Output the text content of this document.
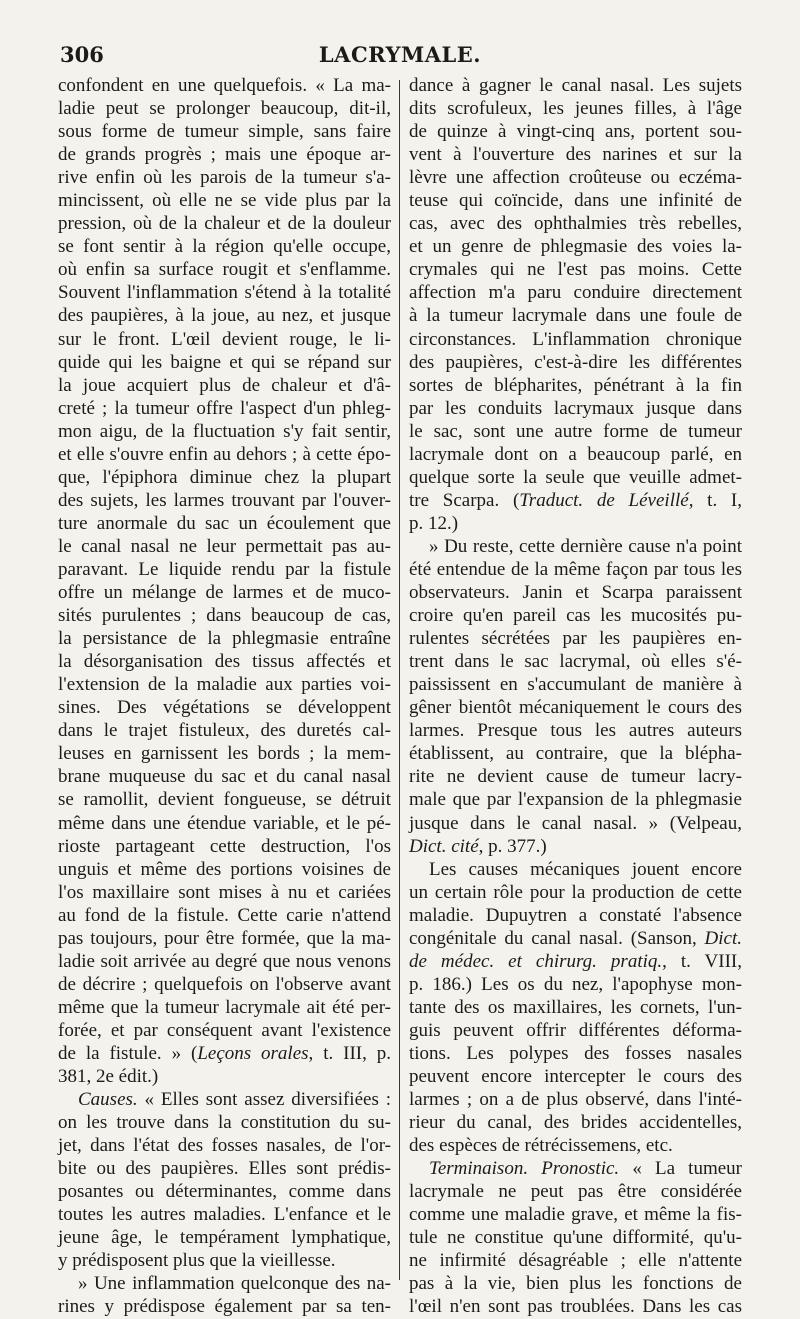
306	LACRYMALE.
confondent en une quelquefois. « La ma-
ladie peut se prolonger beaucoup, dit-il,
sous forme de tumeur simple, sans faire
de grands progrès ; mais une époque ar-
rive enfin où les parois de la tumeur s'a-
mincissent, où elle ne se vide plus par la
pression, où de la chaleur et de la douleur
se font sentir à la région qu'elle occupe,
où enfin sa surface rougit et s'enflamme.
Souvent l'inflammation s'étend à la totalité
des paupières, à la joue, au nez, et jusque
sur le front. L'œil devient rouge, le li-
quide qui les baigne et qui se répand sur
la joue acquiert plus de chaleur et d'â-
creté ; la tumeur offre l'aspect d'un phleg-
mon aigu, de la fluctuation s'y fait sentir,
et elle s'ouvre enfin au dehors ; à cette épo-
que, l'épiphora diminue chez la plupart
des sujets, les larmes trouvant par l'ouver-
ture anormale du sac un écoulement que
le canal nasal ne leur permettait pas au-
paravant. Le liquide rendu par la fistule
offre un mélange de larmes et de muco-
sités purulentes ; dans beaucoup de cas,
la persistance de la phlegmasie entraîne
la désorganisation des tissus affectés et
l'extension de la maladie aux parties voi-
sines. Des végétations se développent
dans le trajet fistuleux, des duretés cal-
leuses en garnissent les bords ; la mem-
brane muqueuse du sac et du canal nasal
se ramollit, devient fongueuse, se détruit
même dans une étendue variable, et le pé-
rioste partageant cette destruction, l'os
unguis et même des portions voisines de
l'os maxillaire sont mises à nu et cariées
au fond de la fistule. Cette carie n'attend
pas toujours, pour être formée, que la ma-
ladie soit arrivée au degré que nous venons
de décrire ; quelquefois on l'observe avant
même que la tumeur lacrymale ait été per-
forée, et par conséquent avant l'existence
de la fistule. » (Leçons orales, t. III, p.
381, 2e édit.)
Causes. « Elles sont assez diversifiées :
on les trouve dans la constitution du su-
jet, dans l'état des fosses nasales, de l'or-
bite ou des paupières. Elles sont prédis-
posantes ou déterminantes, comme dans
toutes les autres maladies. L'enfance et le
jeune âge, le tempérament lymphatique,
y prédisposent plus que la vieillesse.
» Une inflammation quelconque des na-
rines y prédispose également par sa ten-
dance à gagner le canal nasal. Les sujets
dits scrofuleux, les jeunes filles, à l'âge
de quinze à vingt-cinq ans, portent sou-
vent à l'ouverture des narines et sur la
lèvre une affection croûteuse ou eczéma-
teuse qui coïncide, dans une infinité de
cas, avec des ophthalmies très rebelles,
et un genre de phlegmasie des voies la-
crymales qui ne l'est pas moins. Cette
affection m'a paru conduire directement
à la tumeur lacrymale dans une foule de
circonstances. L'inflammation chronique
des paupières, c'est-à-dire les différentes
sortes de blépharites, pénétrant à la fin
par les conduits lacrymaux jusque dans
le sac, sont une autre forme de tumeur
lacrymale dont on a beaucoup parlé, en
quelque sorte la seule que veuille admet-
tre Scarpa. (Traduct. de Léveillé, t. I,
p. 12.)
» Du reste, cette dernière cause n'a point
été entendue de la même façon par tous les
observateurs. Janin et Scarpa paraissent
croire qu'en pareil cas les mucosités pu-
rulentes sécrétées par les paupières en-
trent dans le sac lacrymal, où elles s'é-
paississent en s'accumulant de manière à
gêner bientôt mécaniquement le cours des
larmes. Presque tous les autres auteurs
établissent, au contraire, que la blépha-
rite ne devient cause de tumeur lacry-
male que par l'expansion de la phlegmasie
jusque dans le canal nasal. » (Velpeau,
Dict. cité, p. 377.)
Les causes mécaniques jouent encore
un certain rôle pour la production de cette
maladie. Dupuytren a constaté l'absence
congénitale du canal nasal. (Sanson, Dict.
de médec. et chirurg. pratiq., t. VIII,
p. 186.) Les os du nez, l'apophyse mon-
tante des os maxillaires, les cornets, l'un-
guis peuvent offrir différentes déforma-
tions. Les polypes des fosses nasales
peuvent encore intercepter le cours des
larmes ; on a de plus observé, dans l'inté-
rieur du canal, des brides accidentelles,
des espèces de rétrécissemens, etc.
Terminaison. Pronostic. « La tumeur
lacrymale ne peut pas être considérée
comme une maladie grave, et même la fis-
tule ne constitue qu'une difformité, qu'u-
ne infirmité désagréable ; elle n'attente
pas à la vie, bien plus les fonctions de
l'œil n'en sont pas troublées. Dans les cas
